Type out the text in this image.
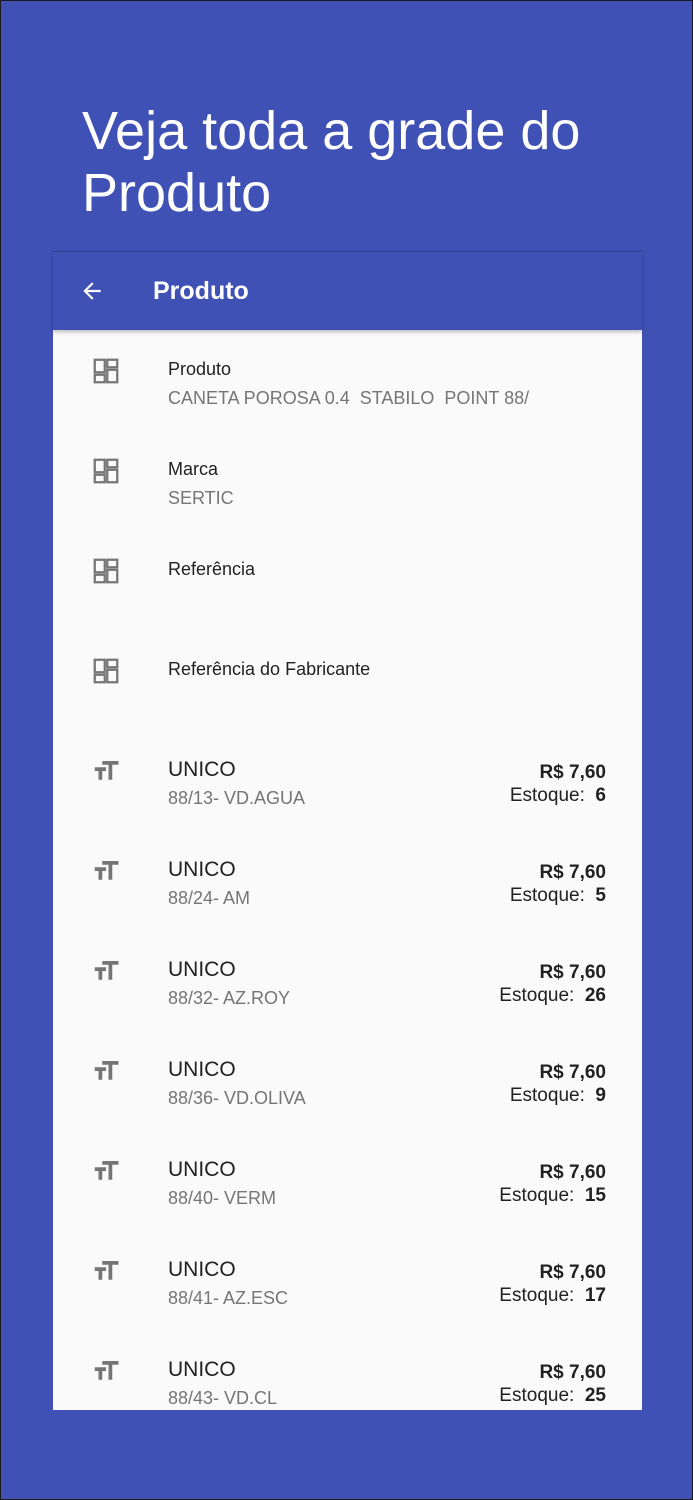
Veja toda a grade do Produto
Produto
Produto
CANETA POROSA 0.4  STABILO  POINT 88/
Marca
SERTIC
Referência
Referência do Fabricante
UNICO
88/13- VD.AGUA
R$ 7,60
Estoque: 6
UNICO
88/24- AM
R$ 7,60
Estoque: 5
UNICO
88/32- AZ.ROY
R$ 7,60
Estoque: 26
UNICO
88/36- VD.OLIVA
R$ 7,60
Estoque: 9
UNICO
88/40- VERM
R$ 7,60
Estoque: 15
UNICO
88/41- AZ.ESC
R$ 7,60
Estoque: 17
UNICO
88/43- VD.CL
R$ 7,60
Estoque: 25
